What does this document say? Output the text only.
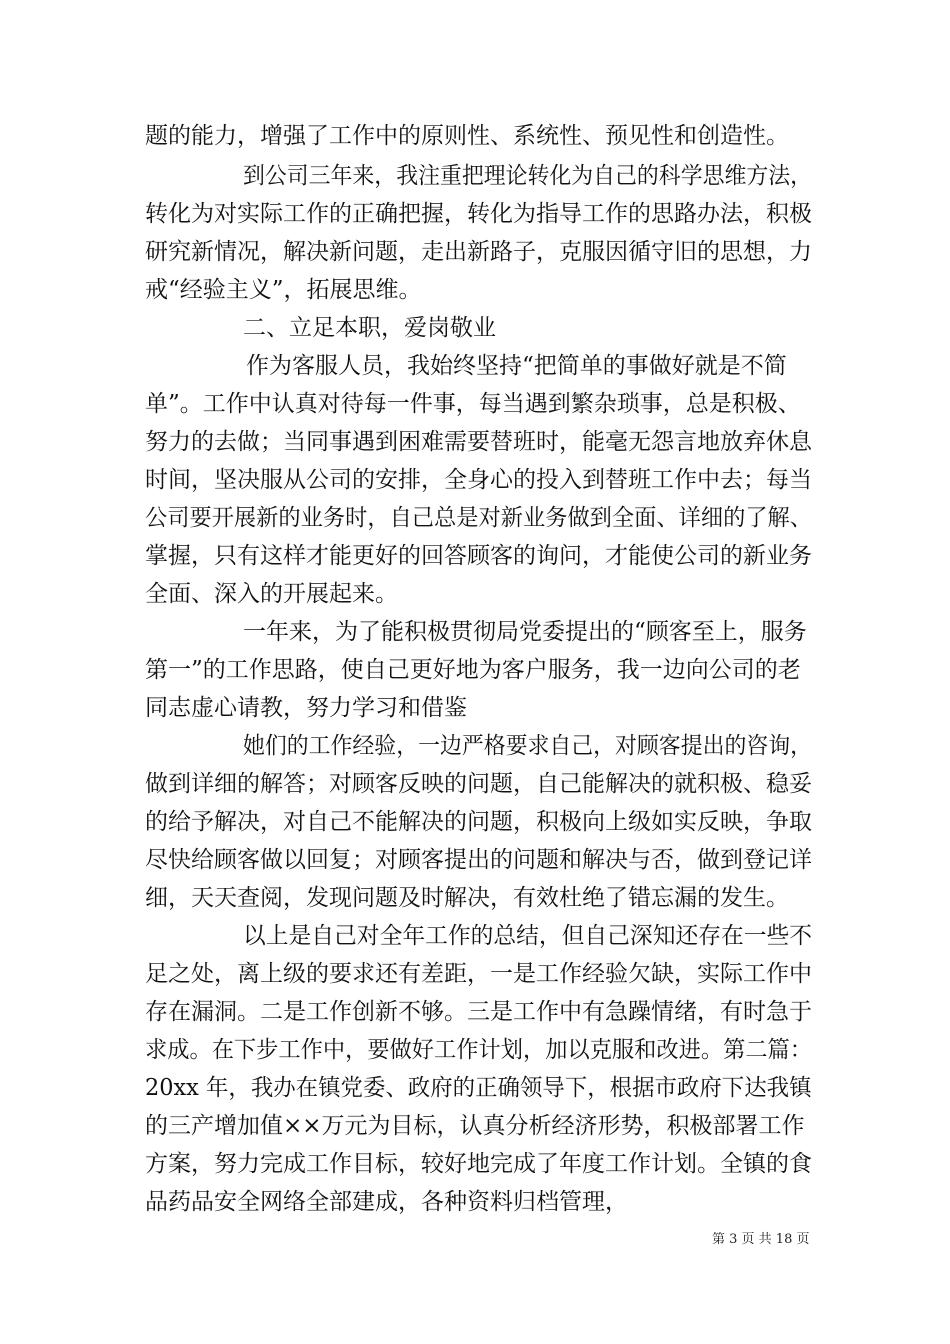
题的能力，增强了工作中的原则性、系统性、预见性和创造性。
到公司三年来，我注重把理论转化为自己的科学思维方法，
转化为对实际工作的正确把握，转化为指导工作的思路办法，积极
研究新情况，解决新问题，走出新路子，克服因循守旧的思想，力
戒“经验主义”，拓展思维。
二、立足本职，爱岗敬业
作为客服人员，我始终坚持“把简单的事做好就是不简
单”。工作中认真对待每一件事，每当遇到繁杂琐事，总是积极、
努力的去做；当同事遇到困难需要替班时，能毫无怨言地放弃休息
时间，坚决服从公司的安排，全身心的投入到替班工作中去；每当
公司要开展新的业务时，自己总是对新业务做到全面、详细的了解、
掌握，只有这样才能更好的回答顾客的询问，才能使公司的新业务
全面、深入的开展起来。
一年来，为了能积极贯彻局党委提出的“顾客至上，服务
第一”的工作思路，使自己更好地为客户服务，我一边向公司的老
同志虚心请教，努力学习和借鉴
她们的工作经验，一边严格要求自己，对顾客提出的咨询，
做到详细的解答；对顾客反映的问题，自己能解决的就积极、稳妥
的给予解决，对自己不能解决的问题，积极向上级如实反映，争取
尽快给顾客做以回复；对顾客提出的问题和解决与否，做到登记详
细，天天查阅，发现问题及时解决，有效杜绝了错忘漏的发生。
以上是自己对全年工作的总结，但自己深知还存在一些不
足之处，离上级的要求还有差距，一是工作经验欠缺，实际工作中
存在漏洞。二是工作创新不够。三是工作中有急躁情绪，有时急于
求成。在下步工作中，要做好工作计划，加以克服和改进。第二篇：
20xx 年，我办在镇党委、政府的正确领导下，根据市政府下达我镇
的三产增加值××万元为目标，认真分析经济形势，积极部署工作
方案，努力完成工作目标，较好地完成了年度工作计划。全镇的食
品药品安全网络全部建成，各种资料归档管理，
第 3 页 共 18 页
